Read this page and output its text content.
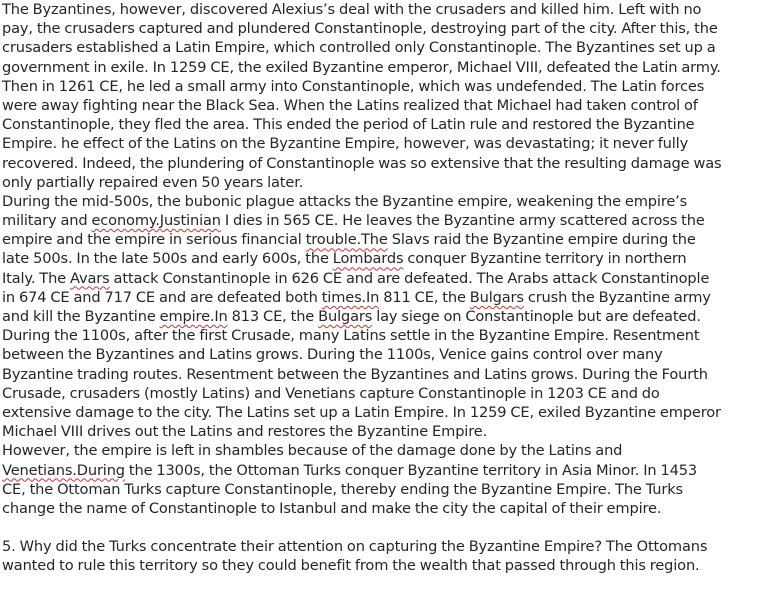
The Byzantines, however, discovered Alexius’s deal with the crusaders and killed him. Left with no
pay, the crusaders captured and plundered Constantinople, destroying part of the city. After this, the
crusaders established a Latin Empire, which controlled only Constantinople. The Byzantines set up a
government in exile. In 1259 CE, the exiled Byzantine emperor, Michael VIII, defeated the Latin army.
Then in 1261 CE, he led a small army into Constantinople, which was undefended. The Latin forces
were away fighting near the Black Sea. When the Latins realized that Michael had taken control of
Constantinople, they fled the area. This ended the period of Latin rule and restored the Byzantine
Empire. he effect of the Latins on the Byzantine Empire, however, was devastating; it never fully
recovered. Indeed, the plundering of Constantinople was so extensive that the resulting damage was
only partially repaired even 50 years later.
During the mid-500s, the bubonic plague attacks the Byzantine empire, weakening the empire’s
military and economy.Justinian I dies in 565 CE. He leaves the Byzantine army scattered across the
empire and the empire in serious financial trouble.The Slavs raid the Byzantine empire during the
late 500s. In the late 500s and early 600s, the Lombards conquer Byzantine territory in northern
Italy. The Avars attack Constantinople in 626 CE and are defeated. The Arabs attack Constantinople
in 674 CE and 717 CE and are defeated both times.In 811 CE, the Bulgars crush the Byzantine army
and kill the Byzantine empire.In 813 CE, the Bulgars lay siege on Constantinople but are defeated.
During the 1100s, after the first Crusade, many Latins settle in the Byzantine Empire. Resentment
between the Byzantines and Latins grows. During the 1100s, Venice gains control over many
Byzantine trading routes. Resentment between the Byzantines and Latins grows. During the Fourth
Crusade, crusaders (mostly Latins) and Venetians capture Constantinople in 1203 CE and do
extensive damage to the city. The Latins set up a Latin Empire. In 1259 CE, exiled Byzantine emperor
Michael VIII drives out the Latins and restores the Byzantine Empire.
However, the empire is left in shambles because of the damage done by the Latins and
Venetians.During the 1300s, the Ottoman Turks conquer Byzantine territory in Asia Minor. In 1453
CE, the Ottoman Turks capture Constantinople, thereby ending the Byzantine Empire. The Turks
change the name of Constantinople to Istanbul and make the city the capital of their empire.
5. Why did the Turks concentrate their attention on capturing the Byzantine Empire? The Ottomans
wanted to rule this territory so they could benefit from the wealth that passed through this region.
